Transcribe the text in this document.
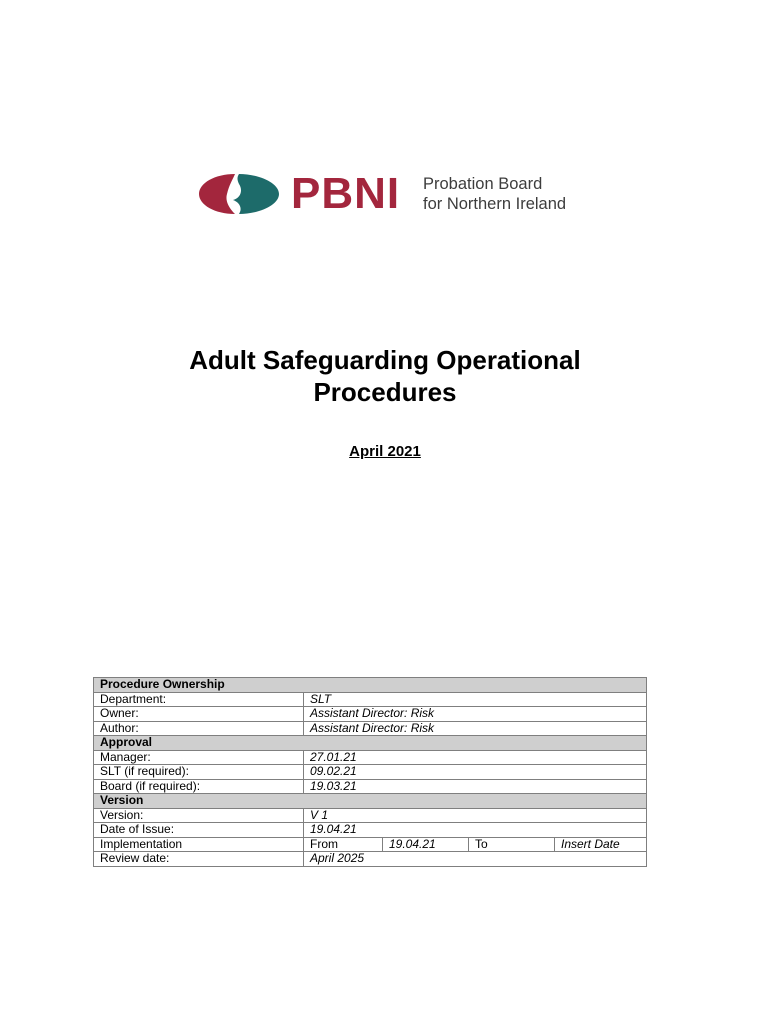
PBNI Probation Board
for Northern Ireland
Adult Safeguarding Operational
Procedures
April 2021
Procedure Ownership				
Department:	SLT			
Owner:	Assistant Director: Risk			
Author:	Assistant Director: Risk			
Approval				
Manager:	27.01.21			
SLT (if required):	09.02.21			
Board (if required):	19.03.21			
Version				
Version:	V 1			
Date of Issue:	19.04.21			
Implementation	From	19.04.21	To	Insert Date
Review date:	April 2025			
